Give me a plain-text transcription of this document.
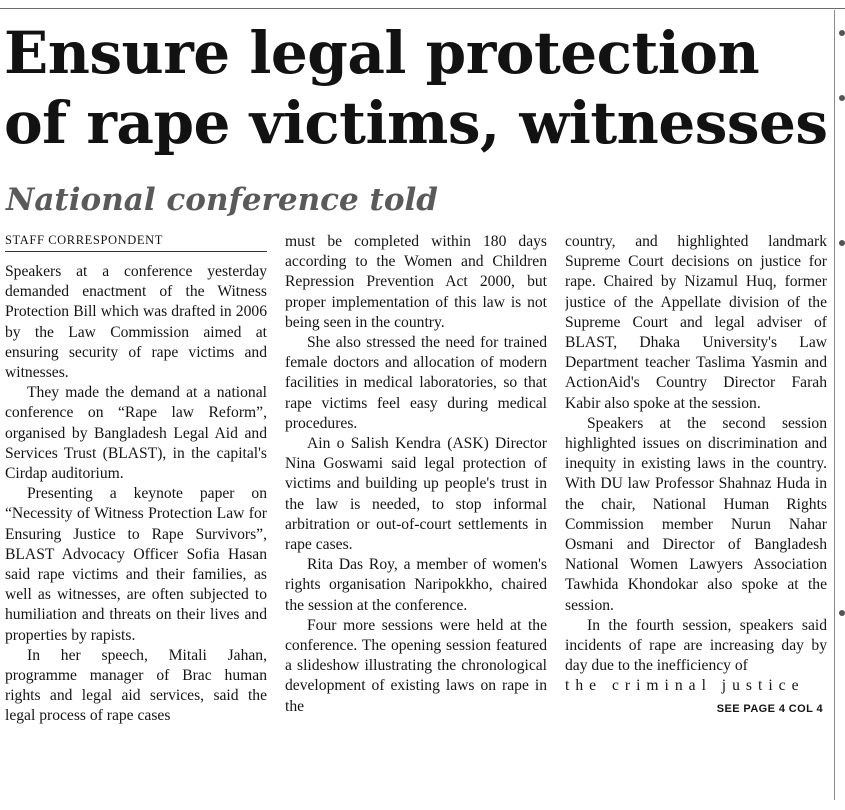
Ensure legal protection of rape victims, witnesses
National conference told
STAFF CORRESPONDENT

Speakers at a conference yesterday demanded enactment of the Witness Protection Bill which was drafted in 2006 by the Law Commission aimed at ensuring security of rape victims and witnesses.

They made the demand at a national conference on “Rape law Reform”, organised by Bangladesh Legal Aid and Services Trust (BLAST), in the capital's Cirdap auditorium.

Presenting a keynote paper on “Necessity of Witness Protection Law for Ensuring Justice to Rape Survivors”, BLAST Advocacy Officer Sofia Hasan said rape victims and their families, as well as witnesses, are often subjected to humiliation and threats on their lives and properties by rapists.

In her speech, Mitali Jahan, programme manager of Brac human rights and legal aid services, said the legal process of rape cases

must be completed within 180 days according to the Women and Children Repression Prevention Act 2000, but proper implementation of this law is not being seen in the country.

She also stressed the need for trained female doctors and allocation of modern facilities in medical laboratories, so that rape victims feel easy during medical procedures.

Ain o Salish Kendra (ASK) Director Nina Goswami said legal protection of victims and building up people's trust in the law is needed, to stop informal arbitration or out-of-court settlements in rape cases.

Rita Das Roy, a member of women's rights organisation Naripokkho, chaired the session at the conference.

Four more sessions were held at the conference. The opening session featured a slideshow illustrating the chronological development of existing laws on rape in the

country, and highlighted landmark Supreme Court decisions on justice for rape. Chaired by Nizamul Huq, former justice of the Appellate division of the Supreme Court and legal adviser of BLAST, Dhaka University's Law Department teacher Taslima Yasmin and ActionAid's Country Director Farah Kabir also spoke at the session.

Speakers at the second session highlighted issues on discrimination and inequity in existing laws in the country. With DU law Professor Shahnaz Huda in the chair, National Human Rights Commission member Nurun Nahar Osmani and Director of Bangladesh National Women Lawyers Association Tawhida Khondokar also spoke at the session.

In the fourth session, speakers said incidents of rape are increasing day by day due to the inefficiency of

the criminal justice

SEE PAGE 4 COL 4
